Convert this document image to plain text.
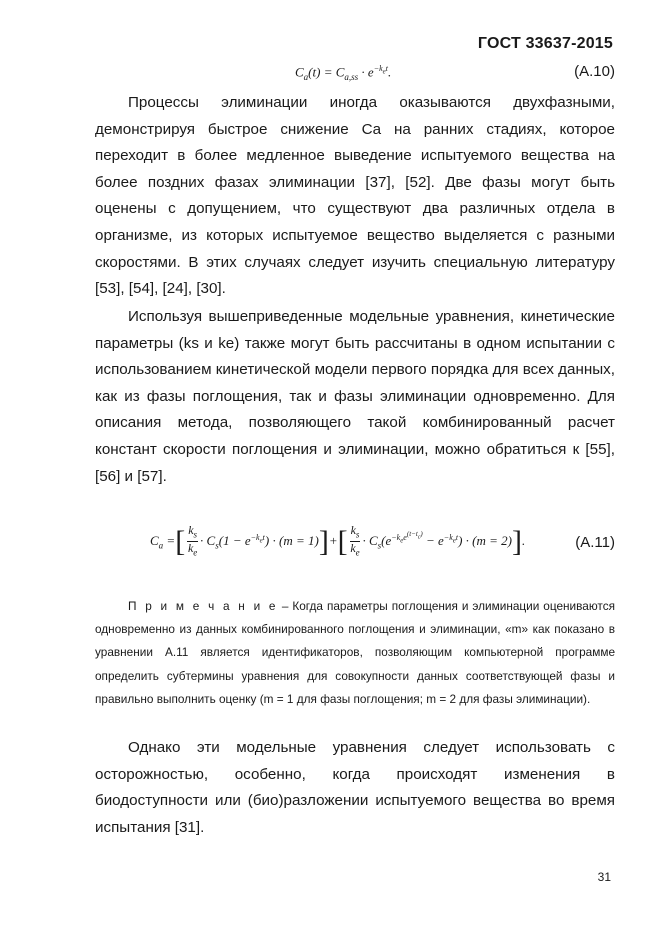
ГОСТ 33637-2015
$C_a(t) = C_{a,ss} \cdot e^{-k_et}$.	(А.10)

Процессы элиминации иногда оказываются двухфазными, демонстрируя быстрое снижение Cа на ранних стадиях, которое переходит в более медленное выведение испытуемого вещества на более поздних фазах элиминации [37], [52]. Две фазы могут быть оценены с допущением, что существуют два различных отдела в организме, из которых испытуемое вещество выделяется с разными скоростями. В этих случаях следует изучить специальную литературу [53], [54], [24], [30].

Используя вышеприведенные модельные уравнения, кинетические параметры (ks и ke) также могут быть рассчитаны в одном испытании с использованием кинетической модели первого порядка для всех данных, как из фазы поглощения, так и фазы элиминации одновременно. Для описания метода, позволяющего такой комбинированный расчет констант скорости поглощения и элиминации, можно обратиться к [55], [56] и [57].

$C_a$ =[ $\frac{k_s}{k_e} \cdot C_s(1 - e^{-k_et}) \cdot (m = 1)]+[ \frac{k_s}{k_e} \cdot C_s(e^{-k_ee^{(t-t_c)}} - e^{-k_et}) \cdot (m = 2)]$.	(А.11)

П р и м е ч а н и е – Когда параметры поглощения и элиминации оцениваются одновременно из данных комбинированного поглощения и элиминации, «m» как показано в уравнении А.11 является идентификаторов, позволяющим компьютерной программе определить субтермины уравнения для совокупности данных соответствующей фазы и правильно выполнить оценку (m = 1 для фазы поглощения; m = 2 для фазы элиминации).

Однако эти модельные уравнения следует использовать с осторожностью, особенно, когда происходят изменения в биодоступности или (био)разложении испытуемого вещества во время испытания [31].

31
